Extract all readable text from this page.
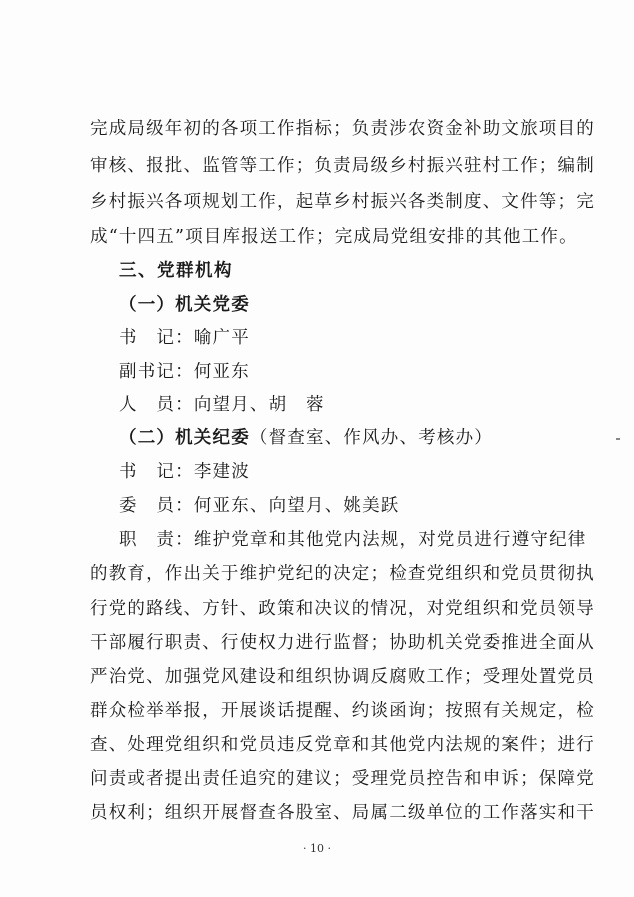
完成局级年初的各项工作指标；负责涉农资金补助文旅项目的
审核、报批、监管等工作；负责局级乡村振兴驻村工作；编制
乡村振兴各项规划工作，起草乡村振兴各类制度、文件等；完
成“十四五”项目库报送工作；完成局党组安排的其他工作。
三、党群机构
（一）机关党委
书　记：喻广平
副书记：何亚东
人　员：向望月、胡　蓉
（二）机关纪委（督查室、作风办、考核办）
书　记：李建波
委　员：何亚东、向望月、姚美跃
职　责：维护党章和其他党内法规，对党员进行遵守纪律
的教育，作出关于维护党纪的决定；检查党组织和党员贯彻执
行党的路线、方针、政策和决议的情况，对党组织和党员领导
干部履行职责、行使权力进行监督；协助机关党委推进全面从
严治党、加强党风建设和组织协调反腐败工作；受理处置党员
群众检举举报，开展谈话提醒、约谈函询；按照有关规定，检
查、处理党组织和党员违反党章和其他党内法规的案件；进行
问责或者提出责任追究的建议；受理党员控告和申诉；保障党
员权利；组织开展督查各股室、局属二级单位的工作落实和干
· 10 ·
